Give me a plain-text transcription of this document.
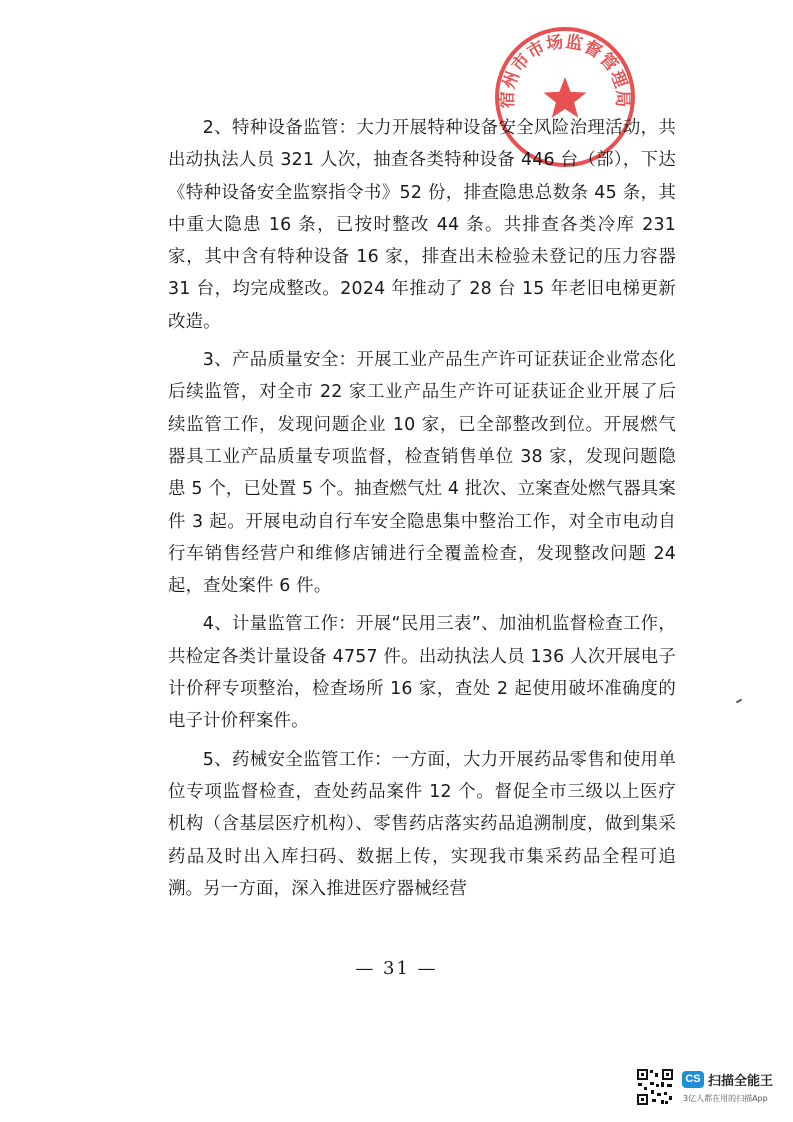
宿州市市场监督管理局

2、特种设备监管：大力开展特种设备安全风险治理活动，共出动执法人员 321 人次，抽查各类特种设备 446 台（部），下达《特种设备安全监察指令书》52 份，排查隐患总数条 45 条，其中重大隐患 16 条，已按时整改 44 条。共排查各类冷库 231 家，其中含有特种设备 16 家，排查出未检验未登记的压力容器 31 台，均完成整改。2024 年推动了 28 台 15 年老旧电梯更新改造。

3、产品质量安全：开展工业产品生产许可证获证企业常态化后续监管，对全市 22 家工业产品生产许可证获证企业开展了后续监管工作，发现问题企业 10 家，已全部整改到位。开展燃气器具工业产品质量专项监督，检查销售单位 38 家，发现问题隐患 5 个，已处置 5 个。抽查燃气灶 4 批次、立案查处燃气器具案件 3 起。开展电动自行车安全隐患集中整治工作，对全市电动自行车销售经营户和维修店铺进行全覆盖检查，发现整改问题 24 起，查处案件 6 件。

4、计量监管工作：开展“民用三表”、加油机监督检查工作，共检定各类计量设备 4757 件。出动执法人员 136 人次开展电子计价秤专项整治，检查场所 16 家，查处 2 起使用破坏准确度的电子计价秤案件。

5、药械安全监管工作：一方面，大力开展药品零售和使用单位专项监督检查，查处药品案件 12 个。督促全市三级以上医疗机构（含基层医疗机构）、零售药店落实药品追溯制度，做到集采药品及时出入库扫码、数据上传，实现我市集采药品全程可追溯。另一方面，深入推进医疗器械经营

— 31 —
CS 扫描全能王
3亿人都在用的扫描App
